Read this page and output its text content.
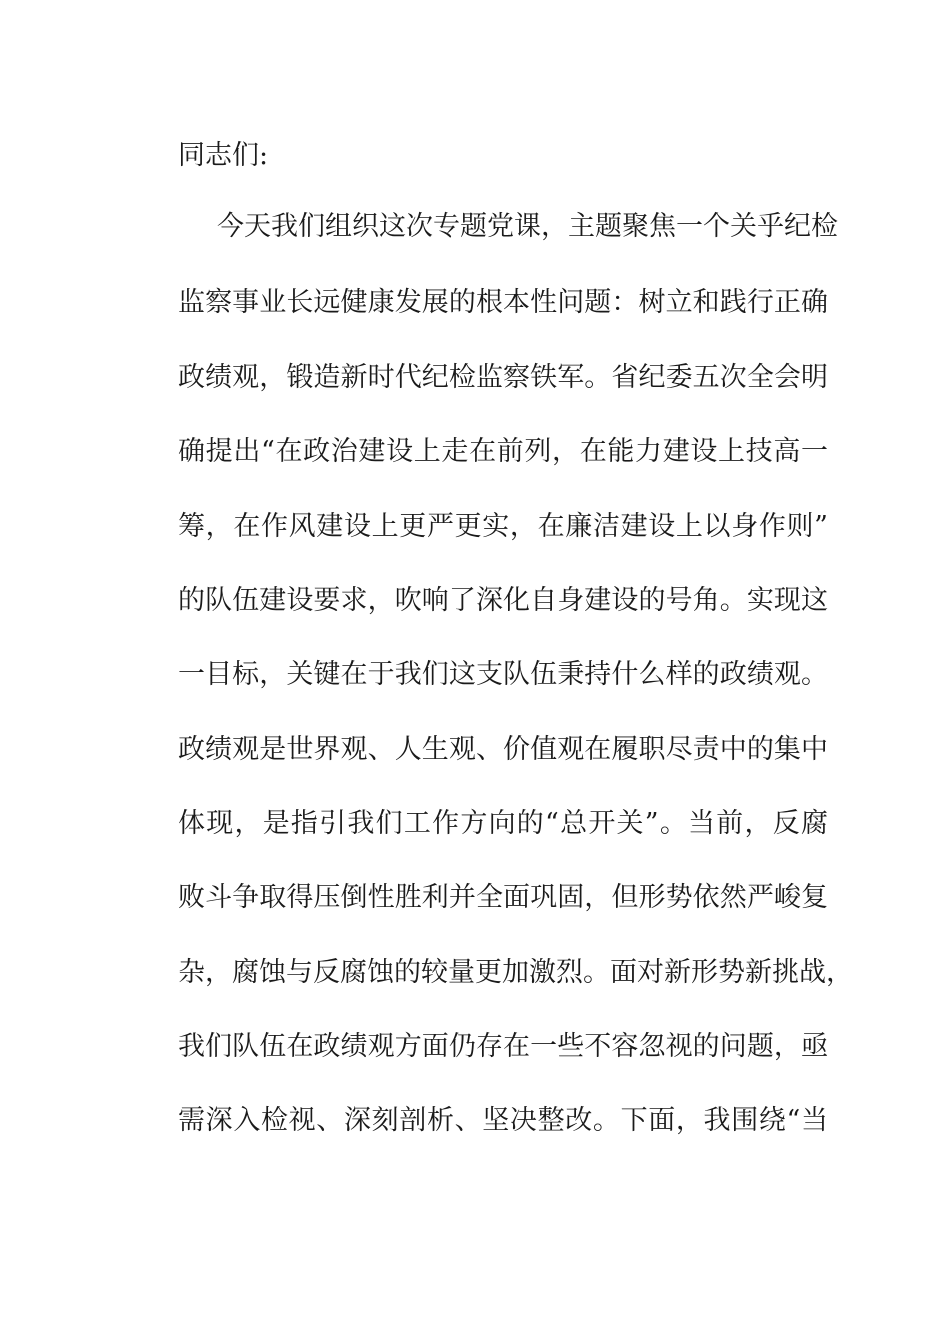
同志们:
今天我们组织这次专题党课，主题聚焦一个关乎纪检
监察事业长远健康发展的根本性问题：树立和践行正确
政绩观，锻造新时代纪检监察铁军。省纪委五次全会明
确提出“在政治建设上走在前列，在能力建设上技高一
筹，在作风建设上更严更实，在廉洁建设上以身作则”
的队伍建设要求，吹响了深化自身建设的号角。实现这
一目标，关键在于我们这支队伍秉持什么样的政绩观。
政绩观是世界观、人生观、价值观在履职尽责中的集中
体现，是指引我们工作方向的“总开关”。当前，反腐
败斗争取得压倒性胜利并全面巩固，但形势依然严峻复
杂，腐蚀与反腐蚀的较量更加激烈。面对新形势新挑战，
我们队伍在政绩观方面仍存在一些不容忽视的问题，亟
需深入检视、深刻剖析、坚决整改。下面，我围绕“当
